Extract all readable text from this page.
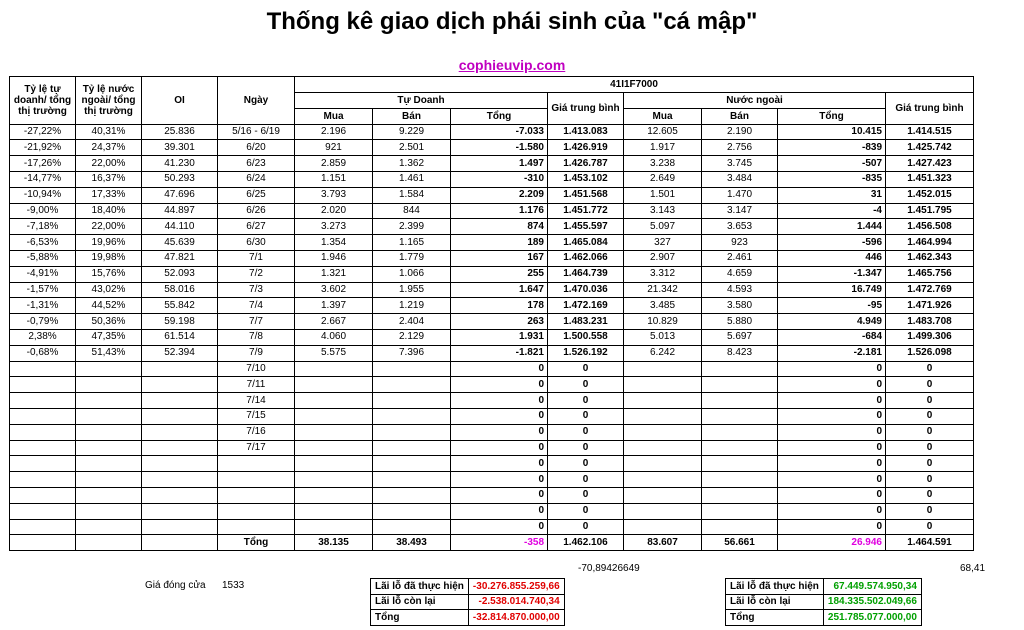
Thống kê giao dịch phái sinh của "cá mập"
cophieuvip.com
Tỷ lệ tự doanh/ tổng thị trường	Tỷ lệ nước ngoài/ tổng thị trường	OI	Ngày	41I1F7000							
				Tự Doanh			Giá trung bình	Nước ngoài			Giá trung bình
				Mua	Bán	Tổng		Mua	Bán	Tổng	
-27,22%	40,31%	25.836	5/16 - 6/19	2.196	9.229	-7.033	1.413.083	12.605	2.190	10.415	1.414.515
-21,92%	24,37%	39.301	6/20	921	2.501	-1.580	1.426.919	1.917	2.756	-839	1.425.742
-17,26%	22,00%	41.230	6/23	2.859	1.362	1.497	1.426.787	3.238	3.745	-507	1.427.423
-14,77%	16,37%	50.293	6/24	1.151	1.461	-310	1.453.102	2.649	3.484	-835	1.451.323
-10,94%	17,33%	47.696	6/25	3.793	1.584	2.209	1.451.568	1.501	1.470	31	1.452.015
-9,00%	18,40%	44.897	6/26	2.020	844	1.176	1.451.772	3.143	3.147	-4	1.451.795
-7,18%	22,00%	44.110	6/27	3.273	2.399	874	1.455.597	5.097	3.653	1.444	1.456.508
-6,53%	19,96%	45.639	6/30	1.354	1.165	189	1.465.084	327	923	-596	1.464.994
-5,88%	19,98%	47.821	7/1	1.946	1.779	167	1.462.066	2.907	2.461	446	1.462.343
-4,91%	15,76%	52.093	7/2	1.321	1.066	255	1.464.739	3.312	4.659	-1.347	1.465.756
-1,57%	43,02%	58.016	7/3	3.602	1.955	1.647	1.470.036	21.342	4.593	16.749	1.472.769
-1,31%	44,52%	55.842	7/4	1.397	1.219	178	1.472.169	3.485	3.580	-95	1.471.926
-0,79%	50,36%	59.198	7/7	2.667	2.404	263	1.483.231	10.829	5.880	4.949	1.483.708
2,38%	47,35%	61.514	7/8	4.060	2.129	1.931	1.500.558	5.013	5.697	-684	1.499.306
-0,68%	51,43%	52.394	7/9	5.575	7.396	-1.821	1.526.192	6.242	8.423	-2.181	1.526.098
			7/10			0	0			0	0
			7/11			0	0			0	0
			7/14			0	0			0	0
			7/15			0	0			0	0
			7/16			0	0			0	0
			7/17			0	0			0	0
						0	0			0	0
						0	0			0	0
						0	0			0	0
						0	0			0	0
						0	0			0	0
			Tổng	38.135	38.493	-358	1.462.106	83.607	56.661	26.946	1.464.591
Giá đóng cửa 1533
-70,89426649	68,41
Lãi lỗ đã thực hiện	-30.276.855.259,66
Lãi lỗ còn lại	-2.538.014.740,34
Tổng	-32.814.870.000,00
Lãi lỗ đã thực hiện	67.449.574.950,34
Lãi lỗ còn lại	184.335.502.049,66
Tổng	251.785.077.000,00
